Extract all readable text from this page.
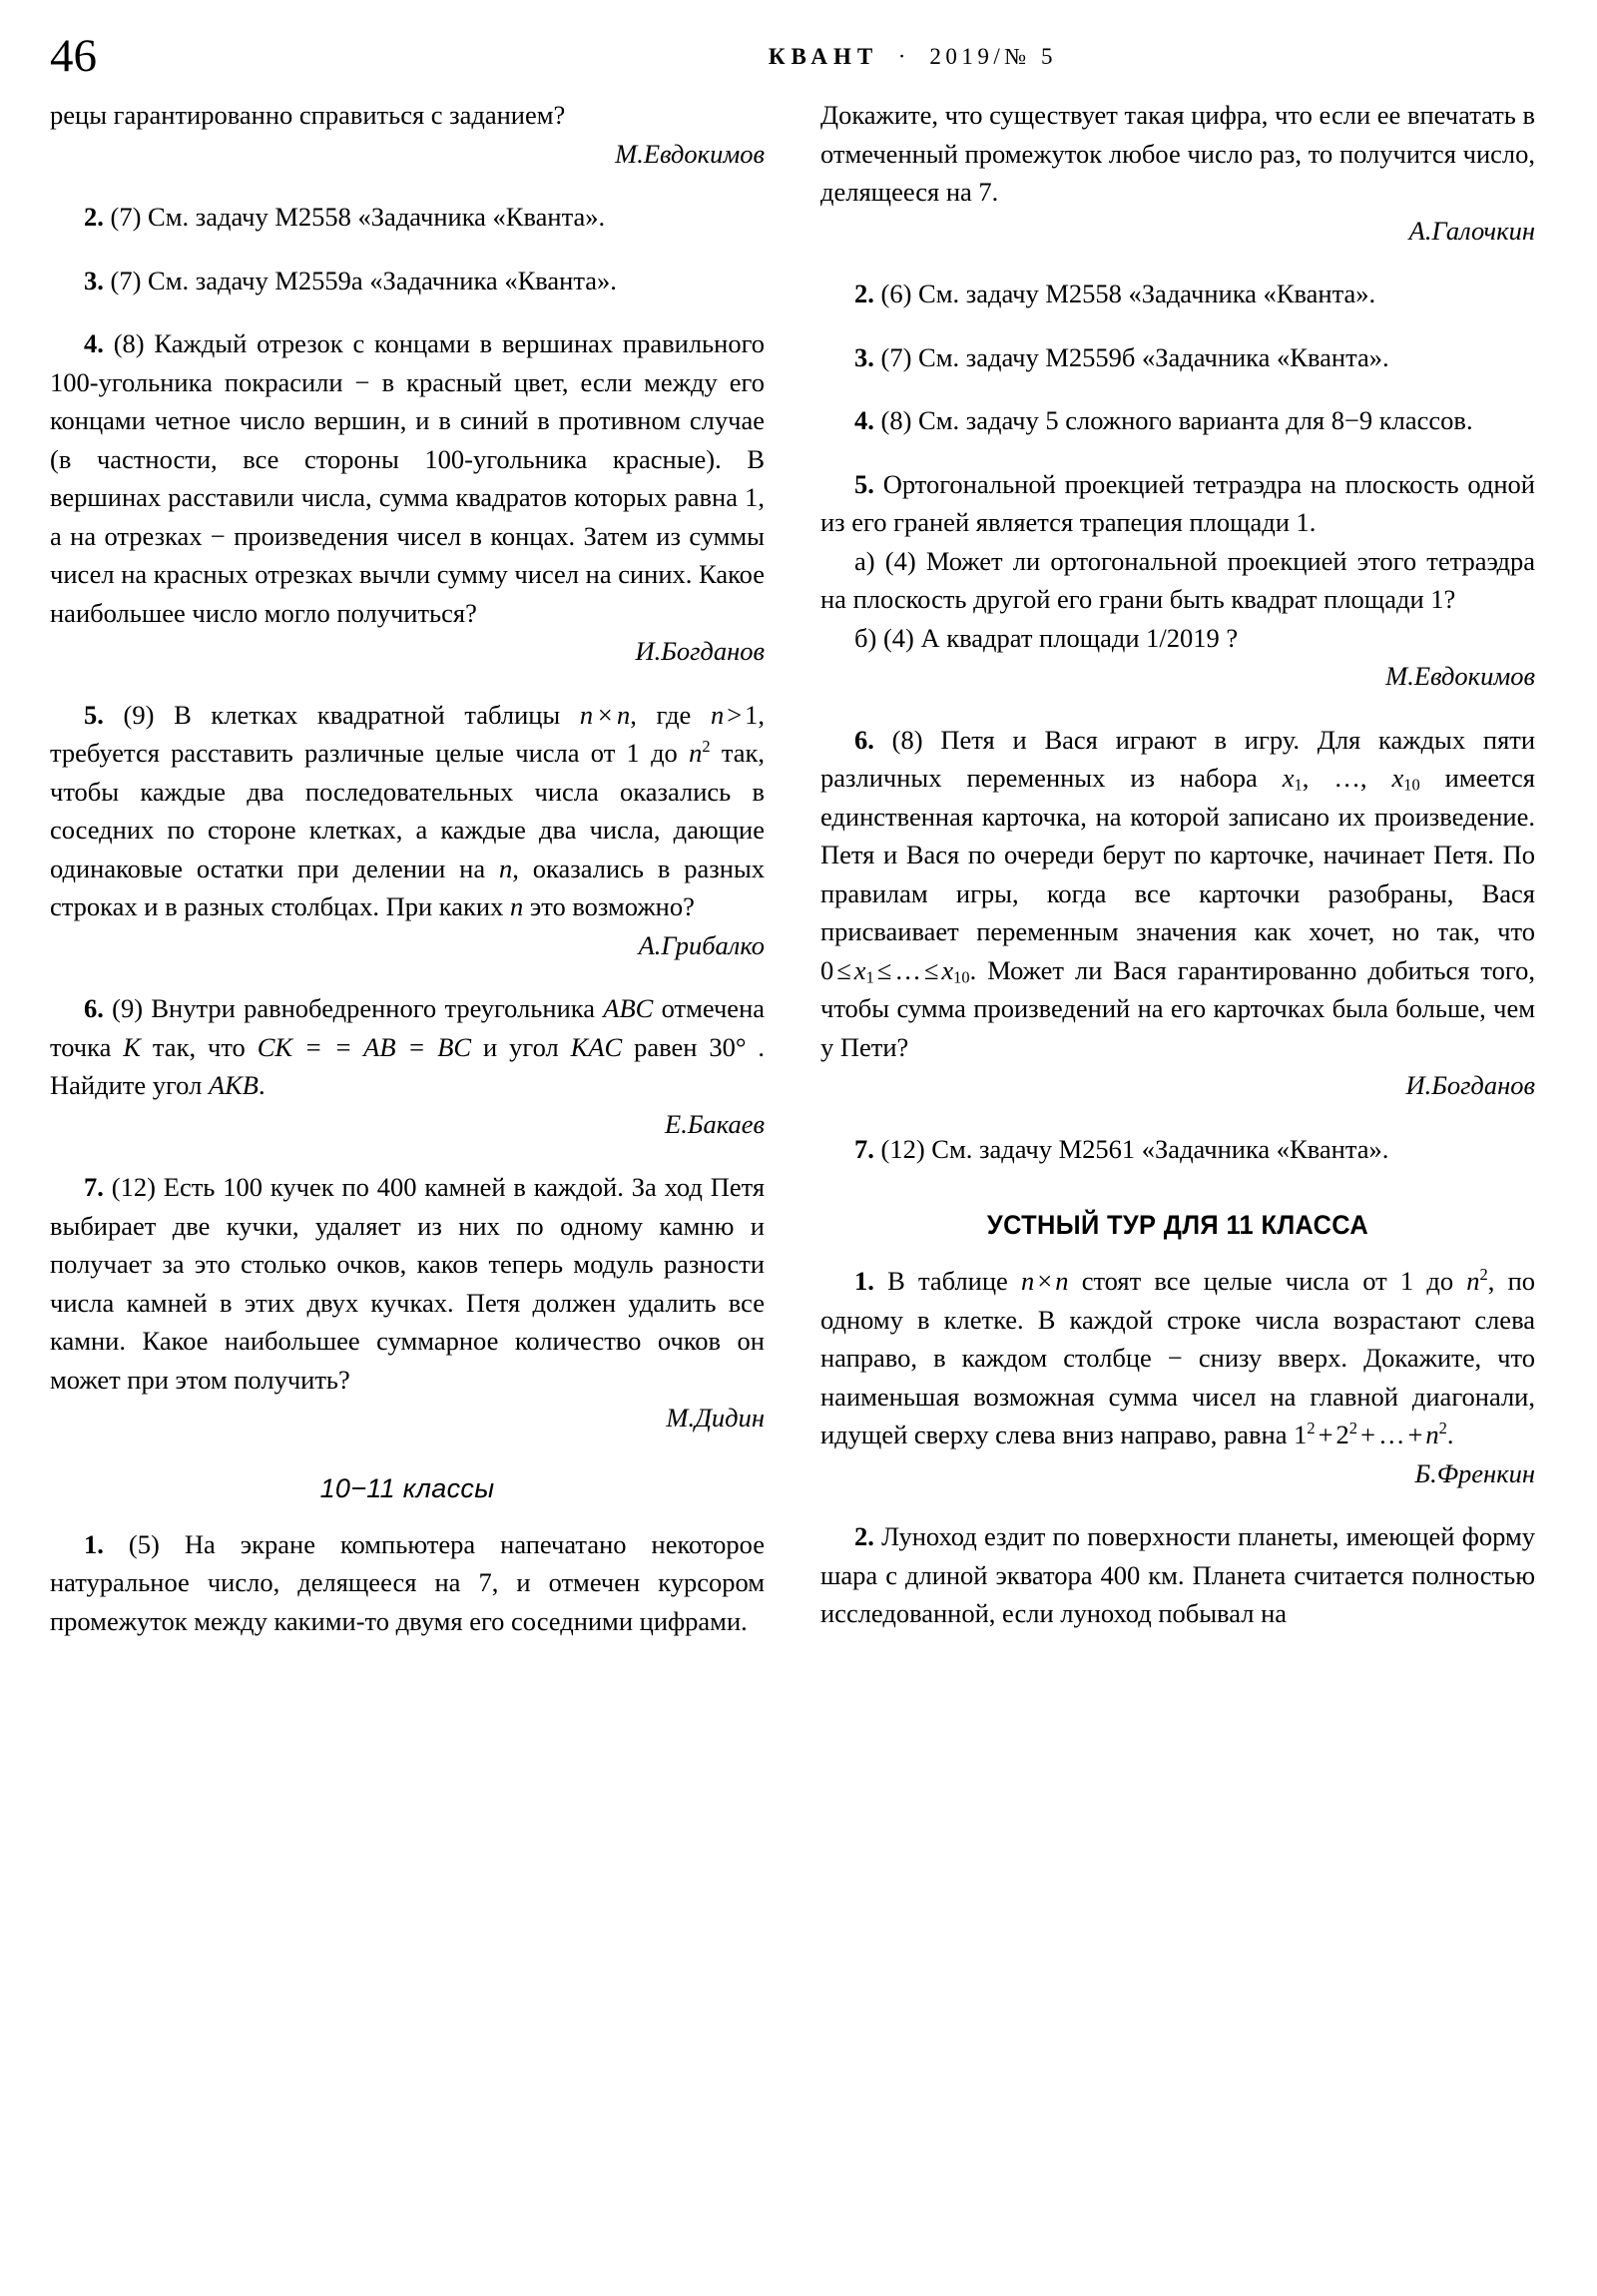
46	КВАНТ · 2019/№ 5

рецы гарантированно справиться с заданием?

М.Евдокимов

2. (7) См. задачу М2558 «Задачника «Кванта».

3. (7) См. задачу М2559а «Задачника «Кванта».

4. (8) Каждый отрезок с концами в вершинах правильного 100-угольника покрасили − в красный цвет, если между его концами четное число вершин, и в синий в противном случае (в частности, все стороны 100-угольника красные). В вершинах расставили числа, сумма квадратов которых равна 1, а на отрезках − произведения чисел в концах. Затем из суммы чисел на красных отрезках вычли сумму чисел на синих. Какое наибольшее число могло получиться?

И.Богданов

5. (9) В клетках квадратной таблицы n × n, где n > 1, требуется расставить различные целые числа от 1 до $n^2$ так, чтобы каждые два последовательных числа оказались в соседних по стороне клетках, а каждые два числа, дающие одинаковые остатки при делении на n, оказались в разных строках и в разных столбцах. При каких n это возможно?

А.Грибалко

6. (9) Внутри равнобедренного треугольника ABC отмечена точка K так, что CK = = AB = BC и угол KAC равен 30° . Найдите угол AKB.

Е.Бакаев

7. (12) Есть 100 кучек по 400 камней в каждой. За ход Петя выбирает две кучки, удаляет из них по одному камню и получает за это столько очков, каков теперь модуль разности числа камней в этих двух кучках. Петя должен удалить все камни. Какое наибольшее суммарное количество очков он может при этом получить?

М.Дидин

10−11 классы

1. (5) На экране компьютера напечатано некоторое натуральное число, делящееся на 7, и отмечен курсором промежуток между какими-то двумя его соседними цифрами.

Докажите, что существует такая цифра, что если ее впечатать в отмеченный промежуток любое число раз, то получится число, делящееся на 7.

А.Галочкин

2. (6) См. задачу М2558 «Задачника «Кванта».

3. (7) См. задачу М2559б «Задачника «Кванта».

4. (8) См. задачу 5 сложного варианта для 8−9 классов.

5. Ортогональной проекцией тетраэдра на плоскость одной из его граней является трапеция площади 1.

а) (4) Может ли ортогональной проекцией этого тетраэдра на плоскость другой его грани быть квадрат площади 1?

б) (4) А квадрат площади 1/2019 ?

М.Евдокимов

6. (8) Петя и Вася играют в игру. Для каждых пяти различных переменных из набора $x_1$, …, $x_{10}$ имеется единственная карточка, на которой записано их произведение. Петя и Вася по очереди берут по карточке, начинает Петя. По правилам игры, когда все карточки разобраны, Вася присваивает переменным значения как хочет, но так, что $0 \le x_1$ ≤ … ≤ $x_{10}$. Может ли Вася гарантированно добиться того, чтобы сумма произведений на его карточках была больше, чем у Пети?

И.Богданов

7. (12) См. задачу М2561 «Задачника «Кванта».

УСТНЫЙ ТУР ДЛЯ 11 КЛАССА

1. В таблице n × n стоят все целые числа от 1 до $n^2$, по одному в клетке. В каждой строке числа возрастают слева направо, в каждом столбце − снизу вверх. Докажите, что наименьшая возможная сумма чисел на главной диагонали, идущей сверху слева вниз направо, равна $1^2 + 2^2$ + … + $n^2$.

Б.Френкин

2. Луноход ездит по поверхности планеты, имеющей форму шара с длиной экватора 400 км. Планета считается полностью исследованной, если луноход побывал на
